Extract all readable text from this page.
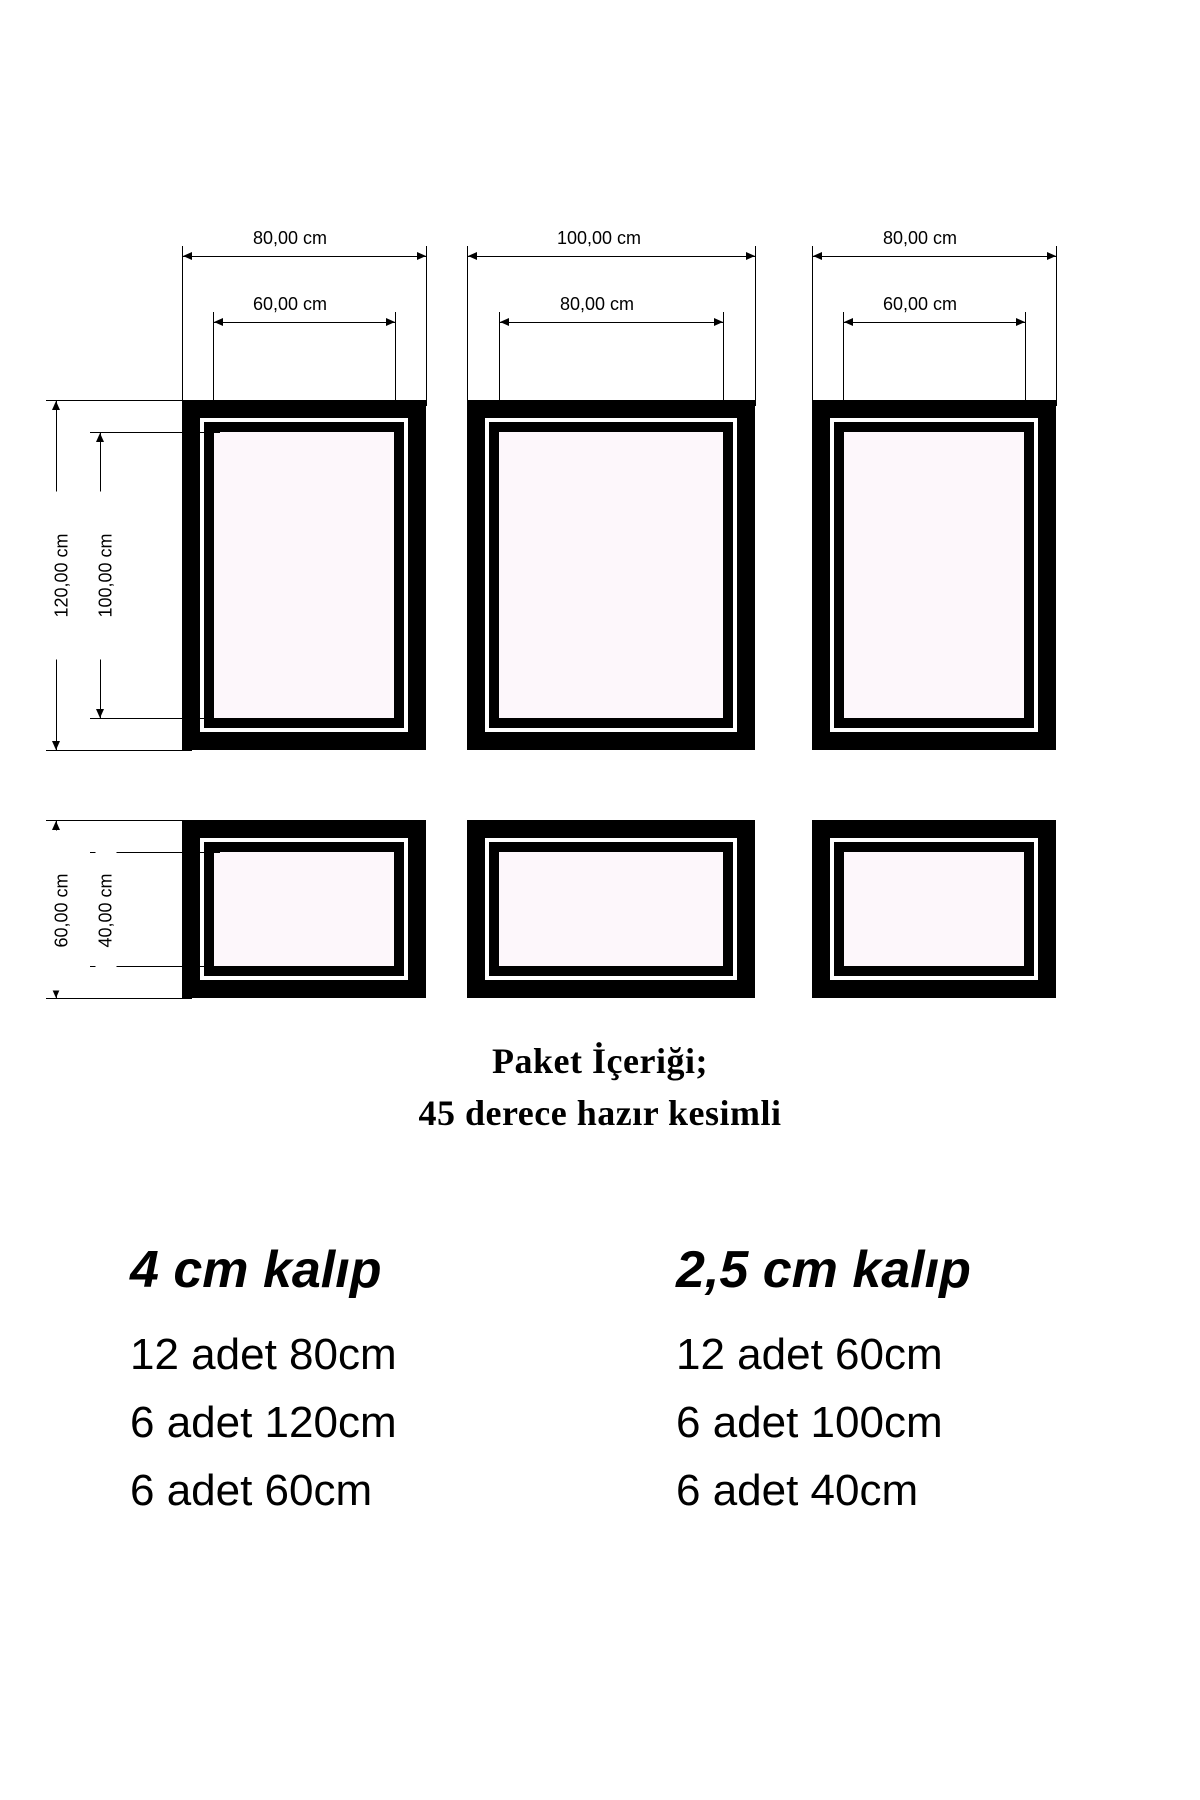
80,00 cm
60,00 cm
120,00 cm 100,00 cm
100,00 cm
80,00 cm
80,00 cm
60,00 cm
60,00 cm 40,00 cm
Paket İçeriği;
45 derece hazır kesimli
4 cm kalıp
12 adet 80cm
6 adet 120cm
6 adet 60cm
2,5 cm kalıp
12 adet 60cm
6 adet 100cm
6 adet 40cm
